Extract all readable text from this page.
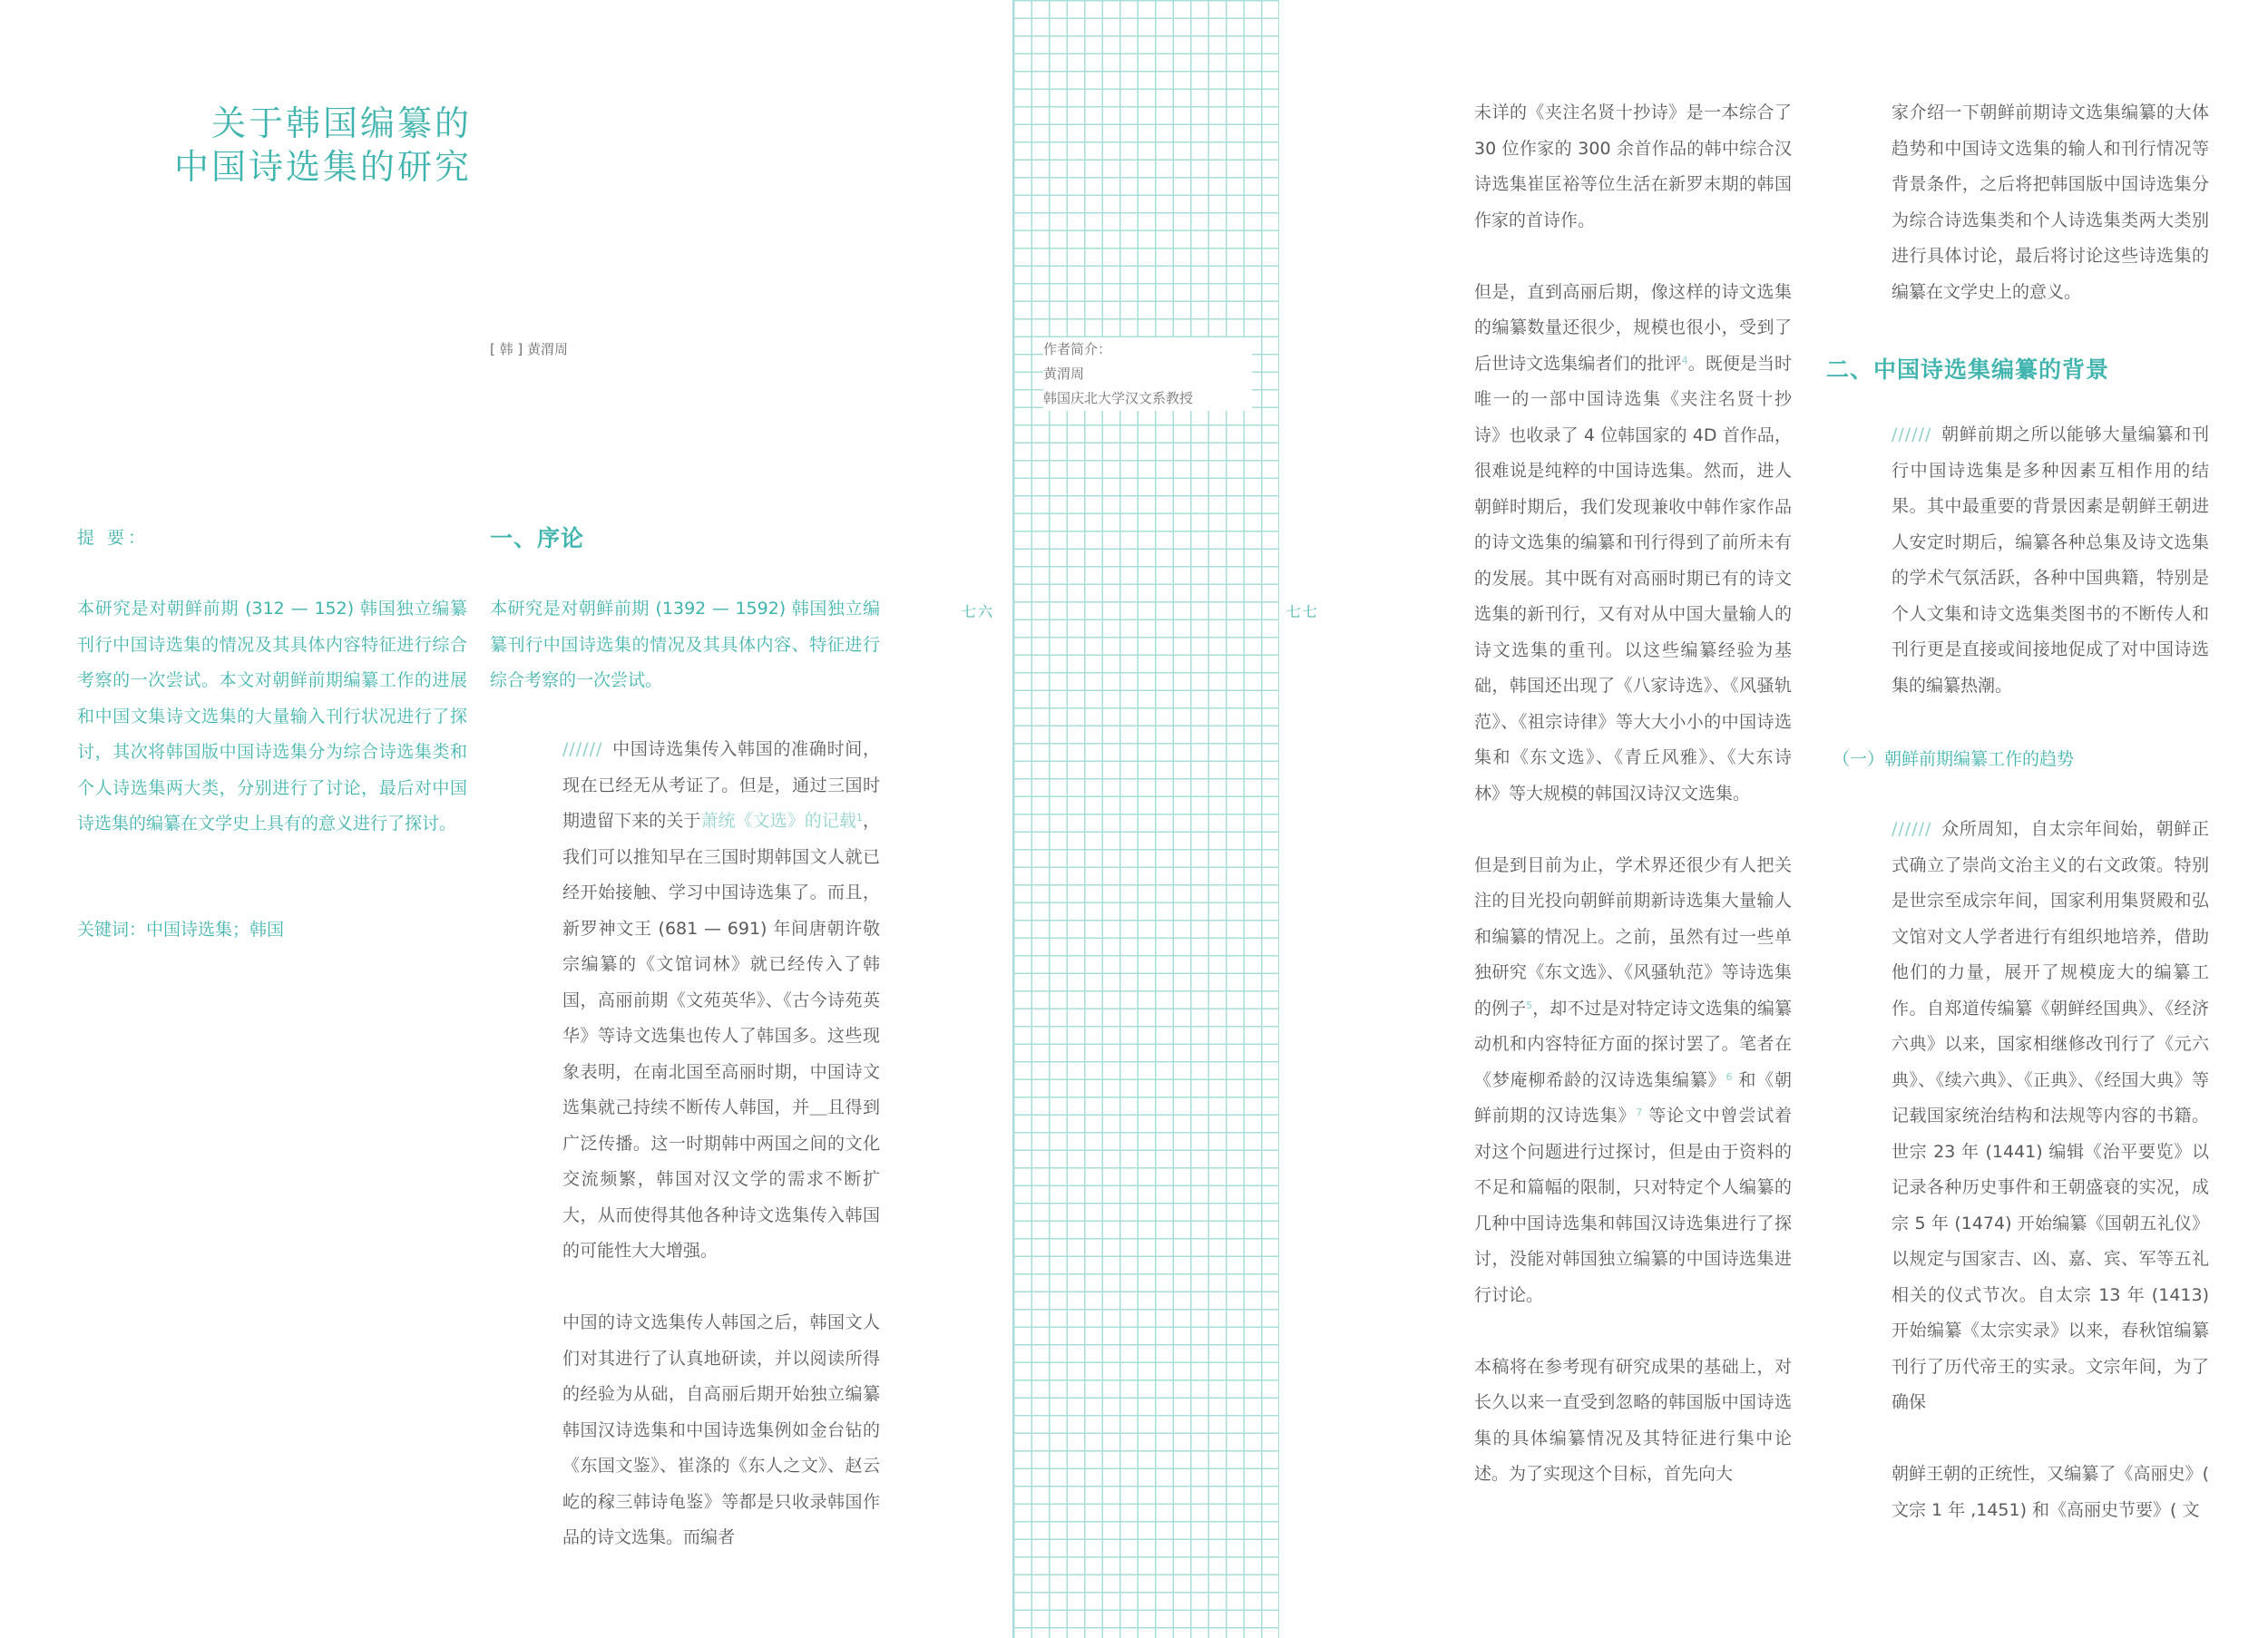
关于韩国编纂的
中国诗选集的研究
[ 韩 ] 黄渭周
提 要：
本研究是对朝鲜前期 (312 — 152) 韩国独立编纂刊行中国诗选集的情况及其具体内容特征进行综合考察的一次尝试。本文对朝鲜前期编纂工作的进展和中国文集诗文选集的大量输入刊行状况进行了探讨，其次将韩国版中国诗选集分为综合诗选集类和个人诗选集两大类，分别进行了讨论，最后对中国诗选集的编纂在文学史上具有的意义进行了探讨。
关键词：中国诗选集；韩国
一、序论
本研究是对朝鲜前期 (1392 — 1592) 韩国独立编纂刊行中国诗选集的情况及其具体内容、特征进行综合考察的一次尝试。

////// 中国诗选集传入韩国的准确时间，现在已经无从考证了。但是，通过三国时期遗留下来的关于萧统《文选》的记载$^1$，我们可以推知早在三国时期韩国文人就已经开始接触、学习中国诗选集了。而且，新罗神文王 (681 — 691) 年间唐朝许敬宗编纂的《文馆词林》就已经传入了韩国，高丽前期《文苑英华》、《古今诗苑英华》等诗文选集也传人了韩国多。这些现象表明，在南北国至高丽时期，中国诗文选集就己持续不断传人韩国，并＿且得到广泛传播。这一时期韩中两国之间的文化交流频繁，韩国对汉文学的需求不断扩大，从而使得其他各种诗文选集传入韩国的可能性大大增强。

中国的诗文选集传人韩国之后，韩国文人们对其进行了认真地研读，并以阅读所得的经验为从础，自高丽后期开始独立编纂韩国汉诗选集和中国诗选集例如金台钻的《东国文鉴》、崔涤的《东人之文》、赵云屹的稼三韩诗龟鉴》等都是只收录韩国作品的诗文选集。而编者

七六
作者简介：
黄渭周
韩国庆北大学汉文系教授
七七

未详的《夹注名贤十抄诗》是一本综合了 30 位作家的 300 余首作品的韩中综合汉诗选集崔匡裕等位生活在新罗末期的韩国作家的首诗作。

但是，直到高丽后期，像这样的诗文选集的编纂数量还很少，规模也很小，受到了后世诗文选集编者们的批评$^4$。既便是当时唯一的一部中国诗选集《夹注名贤十抄诗》也收录了 4 位韩国家的 4D 首作品，很难说是纯粹的中国诗选集。然而，进人朝鲜时期后，我们发现兼收中韩作家作品的诗文选集的编纂和刊行得到了前所未有的发展。其中既有对高丽时期已有的诗文选集的新刊行，又有对从中国大量输人的诗文选集的重刊。以这些编纂经验为基础，韩国还出现了《八家诗选》、《风骚轨范》、《祖宗诗律》等大大小小的中国诗选集和《东文选》、《青丘风雅》、《大东诗林》等大规模的韩国汉诗汉文选集。

但是到目前为止，学术界还很少有人把关注的目光投向朝鲜前期新诗选集大量输人和编纂的情况上。之前，虽然有过一些单独研究《东文选》、《风骚轨范》等诗选集的例子$^5$，却不过是对特定诗文选集的编纂动机和内容特征方面的探讨罢了。笔者在《梦庵柳希龄的汉诗选集编纂》$^6$ 和《朝鲜前期的汉诗选集》$^7$ 等论文中曾尝试着对这个问题进行过探讨，但是由于资料的不足和篇幅的限制，只对特定个人编纂的几种中国诗选集和韩国汉诗选集进行了探讨，没能对韩国独立编纂的中国诗选集进行讨论。

本稿将在参考现有研究成果的基础上，对长久以来一直受到忽略的韩国版中国诗选集的具体编纂情况及其特征进行集中论述。为了实现这个目标，首先向大

家介绍一下朝鲜前期诗文选集编纂的大体趋势和中国诗文选集的输人和刊行情况等背景条件，之后将把韩国版中国诗选集分为综合诗选集类和个人诗选集类两大类别进行具体讨论，最后将讨论这些诗选集的编纂在文学史上的意义。
二、中国诗选集编纂的背景
////// 朝鲜前期之所以能够大量编纂和刊行中国诗选集是多种因素互相作用的结果。其中最重要的背景因素是朝鲜王朝进人安定时期后，编纂各种总集及诗文选集的学术气氛活跃，各种中国典籍，特别是个人文集和诗文选集类图书的不断传人和刊行更是直接或间接地促成了对中国诗选集的编纂热潮。
（一）朝鲜前期编纂工作的趋势

////// 众所周知，自太宗年间始，朝鲜正式确立了崇尚文治主义的右文政策。特别是世宗至成宗年间，国家利用集贤殿和弘文馆对文人学者进行有组织地培养，借助他们的力量，展开了规模庞大的编纂工作。自郑道传编纂《朝鲜经国典》、《经济六典》以来，国家相继修改刊行了《元六典》、《续六典》、《正典》、《经国大典》等记载国家统治结构和法规等内容的书籍。世宗 23 年 (1441) 编辑《治平要览》以记录各种历史事件和王朝盛衰的实况，成宗 5 年 (1474) 开始编纂《国朝五礼仪》以规定与国家吉、凶、嘉、宾、军等五礼相关的仪式节次。自太宗 13 年 (1413) 开始编纂《太宗实录》以来，春秋馆编纂刊行了历代帝王的实录。文宗年间，为了确保

朝鲜王朝的正统性，又编纂了《高丽史》( 文宗 1 年 ,1451) 和《高丽史节要》( 文
